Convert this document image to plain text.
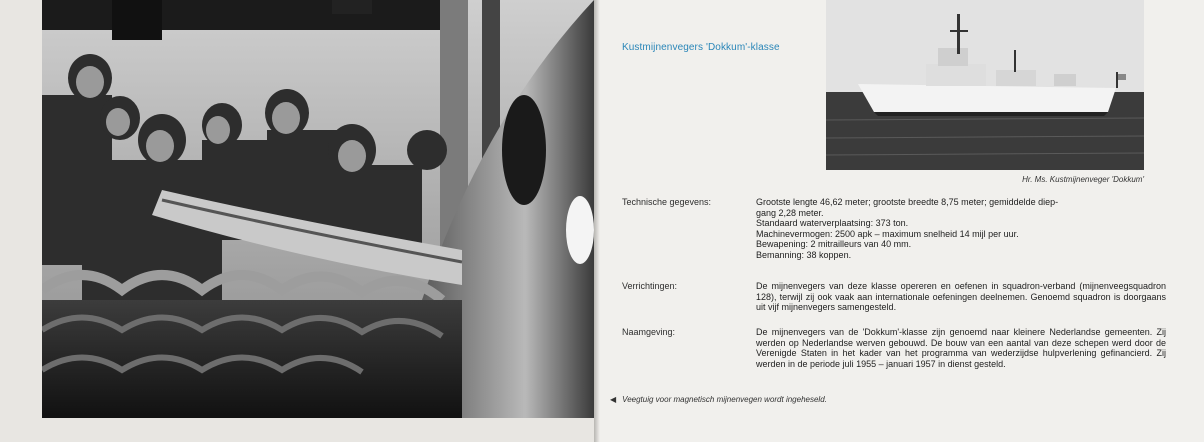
Kustmijnenvegers 'Dokkum'-klasse
Hr. Ms. Kustmijnenveger 'Dokkum'
Technische gegevens:	Grootste lengte 46,62 meter; grootste breedte 8,75 meter; gemiddelde diep-
gang 2,28 meter.
Standaard waterverplaatsing: 373 ton.
Machinevermogen: 2500 apk – maximum snelheid 14 mijl per uur.
Bewapening: 2 mitrailleurs van 40 mm.
Bemanning: 38 koppen.
Verrichtingen:	De mijnenvegers van deze klasse opereren en oefenen in squadron-verband (mijnenveegsquadron 128), terwijl zij ook vaak aan internationale oefeningen deelnemen. Genoemd squadron is doorgaans uit vijf mijnenvegers samengesteld.
Naamgeving:	De mijnenvegers van de 'Dokkum'-klasse zijn genoemd naar kleinere Nederlandse gemeenten. Zij werden op Nederlandse werven gebouwd. De bouw van een aantal van deze schepen werd door de Verenigde Staten in het kader van het programma van wederzijdse hulpverlening gefinancierd. Zij werden in de periode juli 1955 – januari 1957 in dienst gesteld.
◀ Veegtuig voor magnetisch mijnenvegen wordt ingeheseld.
